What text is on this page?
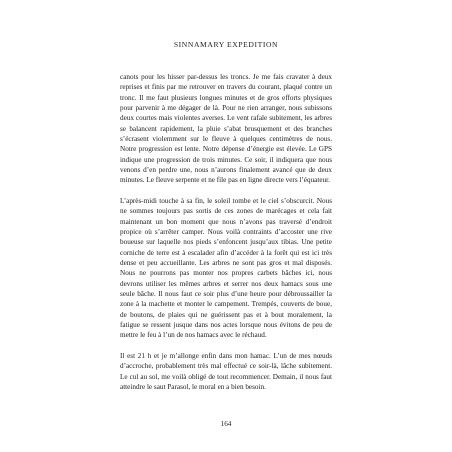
SINNAMARY EXPEDITION

canots pour les hisser par-dessus les troncs. Je me fais cravater à deux reprises et finis par me retrouver en travers du courant, plaqué contre un tronc. Il me faut plusieurs longues minutes et de gros efforts physiques pour parvenir à me dégager de là. Pour ne rien arranger, nous subissons deux courtes mais violentes averses. Le vent rafale subitement, les arbres se balancent rapidement, la pluie s’abat brusquement et des branches s’écrasent violemment sur le fleuve à quelques centimètres de nous. Notre progression est lente. Notre dépense d’énergie est élevée. Le GPS indique une progression de trois minutes. Ce soir, il indiquera que nous venons d’en perdre une, nous n’aurons finalement avancé que de deux minutes. Le fleuve serpente et ne file pas en ligne directe vers l’équateur.

L’après-midi touche à sa fin, le soleil tombe et le ciel s’obscurcit. Nous ne sommes toujours pas sortis de ces zones de marécages et cela fait maintenant un bon moment que nous n’avons pas traversé d’endroit propice où s’arrêter camper. Nous voilà contraints d’accoster une rive boueuse sur laquelle nos pieds s’enfoncent jusqu’aux tibias. Une petite corniche de terre est à escalader afin d’accéder à la forêt qui est ici très dense et peu accueillante. Les arbres ne sont pas gros et mal disposés. Nous ne pourrons pas monter nos propres carbets bâches ici, nous devrons utiliser les mêmes arbres et serrer nos deux hamacs sous une seule bâche. Il nous faut ce soir plus d’une heure pour débroussailler la zone à la machette et monter le campement. Trempés, couverts de boue, de boutons, de plaies qui ne guérissent pas et à bout moralement, la fatigue se ressent jusque dans nos actes lorsque nous évitons de peu de mettre le feu à l’un de nos hamacs avec le réchaud.

Il est 21 h et je m’allonge enfin dans mon hamac. L’un de mes nœuds d’accroche, probablement très mal effectué ce soir-là, lâche subitement. Le cul au sol, me voilà obligé de tout recommencer. Demain, il nous faut atteindre le saut Parasol, le moral en a bien besoin.

164
